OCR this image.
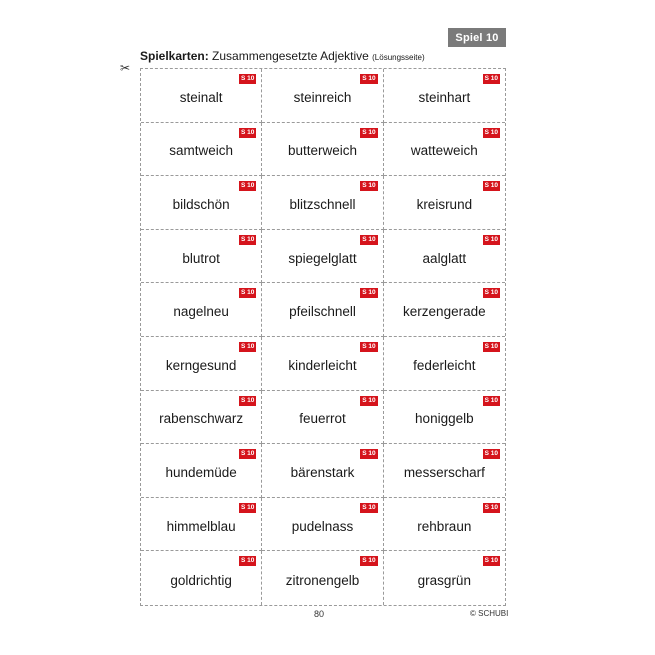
Spiel 10
Spielkarten: Zusammengesetzte Adjektive (Lösungsseite)
✂
S 10
steinalt
S 10
steinreich
S 10
steinhart
S 10
samtweich
S 10
butterweich
S 10
watteweich
S 10
bildschön
S 10
blitzschnell
S 10
kreisrund
S 10
blutrot
S 10
spiegelglatt
S 10
aalglatt
S 10
nagelneu
S 10
pfeilschnell
S 10
kerzengerade
S 10
kerngesund
S 10
kinderleicht
S 10
federleicht
S 10
rabenschwarz
S 10
feuerrot
S 10
honiggelb
S 10
hundemüde
S 10
bärenstark
S 10
messerscharf
S 10
himmelblau
S 10
pudelnass
S 10
rehbraun
S 10
goldrichtig
S 10
zitronengelb
S 10
grasgrün
80	© SCHUBI
